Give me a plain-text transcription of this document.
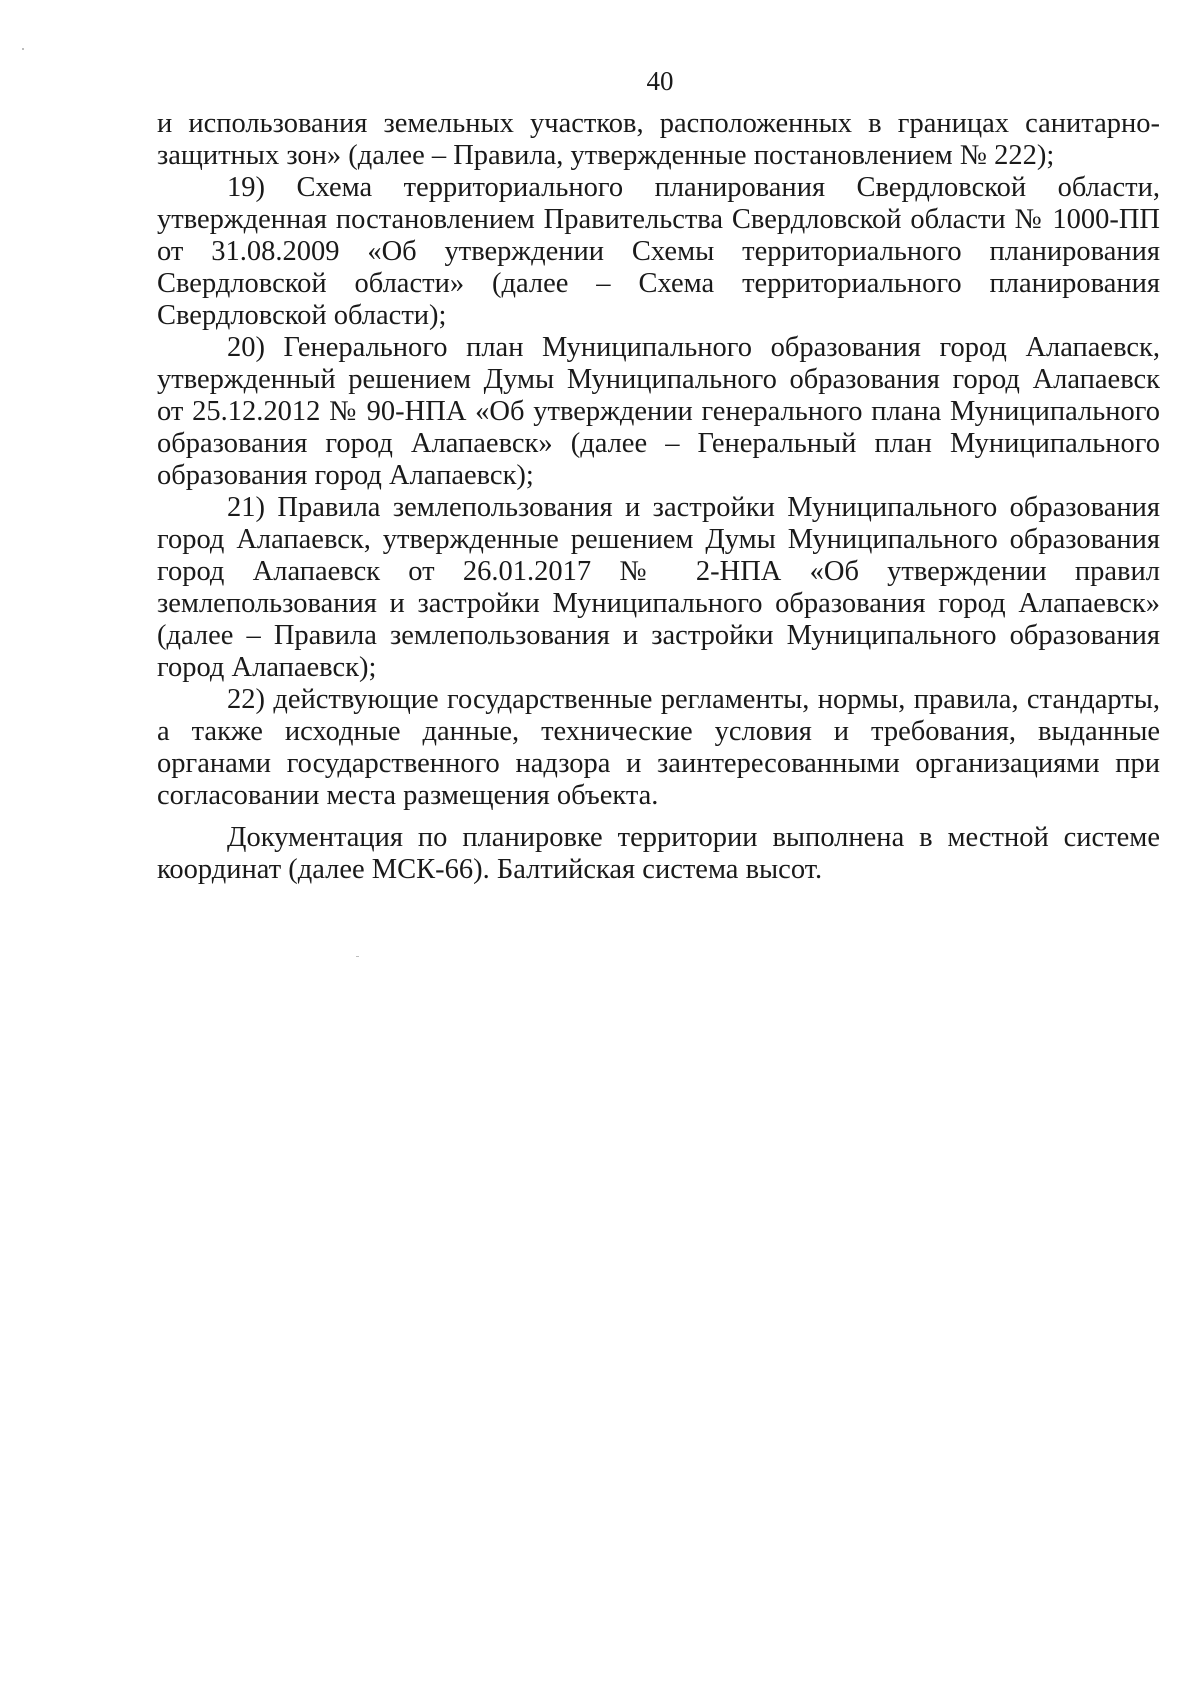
40

и использования земельных участков, расположенных в границах санитарно-защитных зон» (далее – Правила, утвержденные постановлением № 222);

19) Схема территориального планирования Свердловской области, утвержденная постановлением Правительства Свердловской области № 1000-ПП от 31.08.2009 «Об утверждении Схемы территориального планирования Свердловской области» (далее – Схема территориального планирования Свердловской области);

20) Генерального план Муниципального образования город Алапаевск, утвержденный решением Думы Муниципального образования город Алапаевск от 25.12.2012 № 90-НПА «Об утверждении генерального плана Муниципального образования город Алапаевск» (далее – Генеральный план Муниципального образования город Алапаевск);

21) Правила землепользования и застройки Муниципального образования город Алапаевск, утвержденные решением Думы Муниципального образования город Алапаевск от 26.01.2017 № 2-НПА «Об утверждении правил землепользования и застройки Муниципального образования город Алапаевск» (далее – Правила землепользования и застройки Муниципального образования город Алапаевск);

22) действующие государственные регламенты, нормы, правила, стандарты, а также исходные данные, технические условия и требования, выданные органами государственного надзора и заинтересованными организациями при согласовании места размещения объекта.

Документация по планировке территории выполнена в местной системе координат (далее МСК-66). Балтийская система высот.
